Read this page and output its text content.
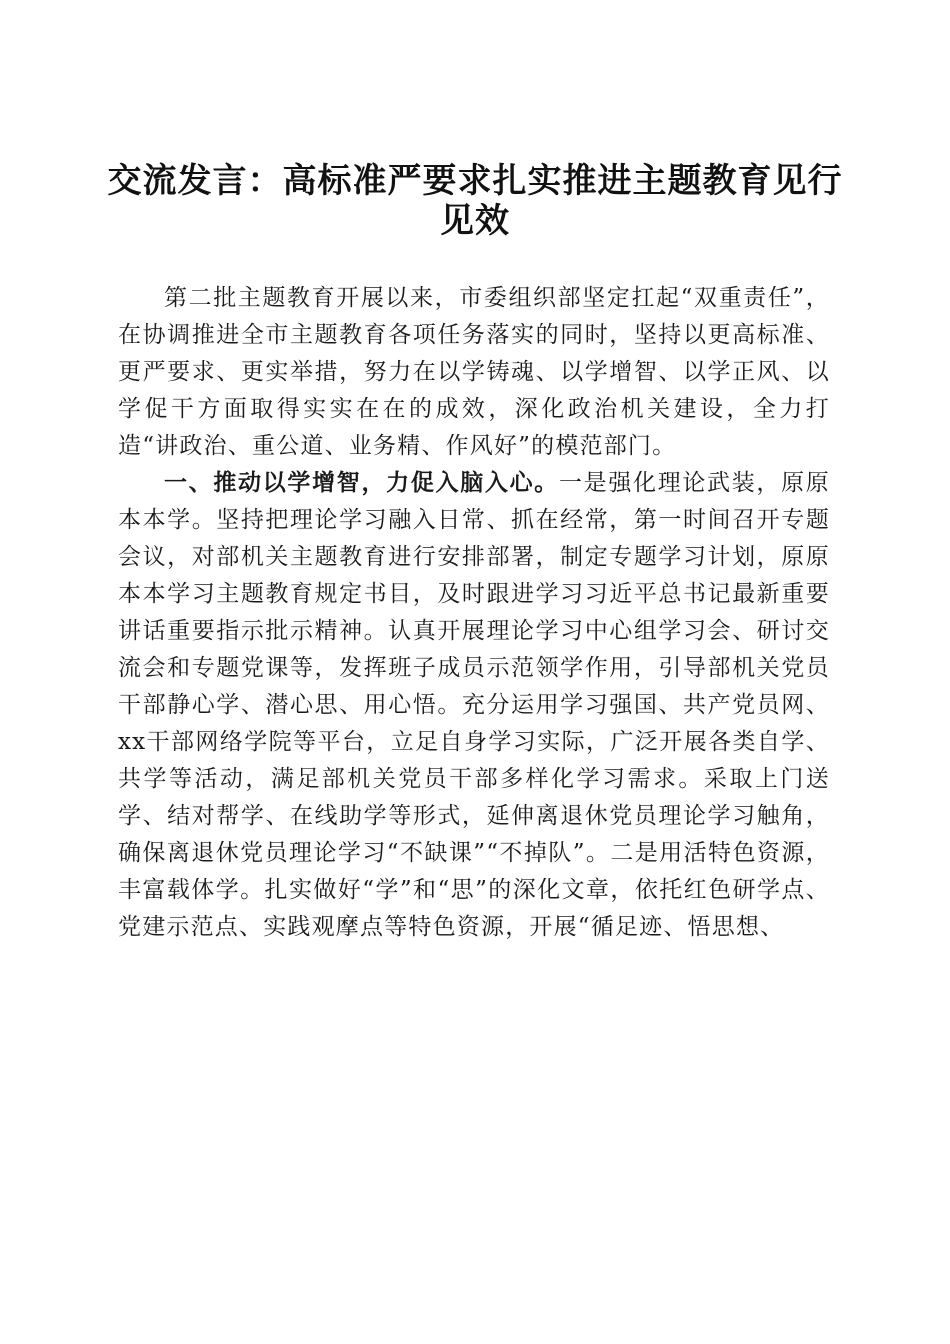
交流发言：高标准严要求扎实推进主题教育见行见效

第二批主题教育开展以来，市委组织部坚定扛起“双重责任”，在协调推进全市主题教育各项任务落实的同时，坚持以更高标准、更严要求、更实举措，努力在以学铸魂、以学增智、以学正风、以学促干方面取得实实在在的成效，深化政治机关建设，全力打造“讲政治、重公道、业务精、作风好”的模范部门。

一、推动以学增智，力促入脑入心。一是强化理论武装，原原本本学。坚持把理论学习融入日常、抓在经常，第一时间召开专题会议，对部机关主题教育进行安排部署，制定专题学习计划，原原本本学习主题教育规定书目，及时跟进学习习近平总书记最新重要讲话重要指示批示精神。认真开展理论学习中心组学习会、研讨交流会和专题党课等，发挥班子成员示范领学作用，引导部机关党员干部静心学、潜心思、用心悟。充分运用学习强国、共产党员网、xx干部网络学院等平台，立足自身学习实际，广泛开展各类自学、共学等活动，满足部机关党员干部多样化学习需求。采取上门送学、结对帮学、在线助学等形式，延伸离退休党员理论学习触角，确保离退休党员理论学习“不缺课”“不掉队”。二是用活特色资源，丰富载体学。扎实做好“学”和“思”的深化文章，依托红色研学点、党建示范点、实践观摩点等特色资源，开展“循足迹、悟思想、
